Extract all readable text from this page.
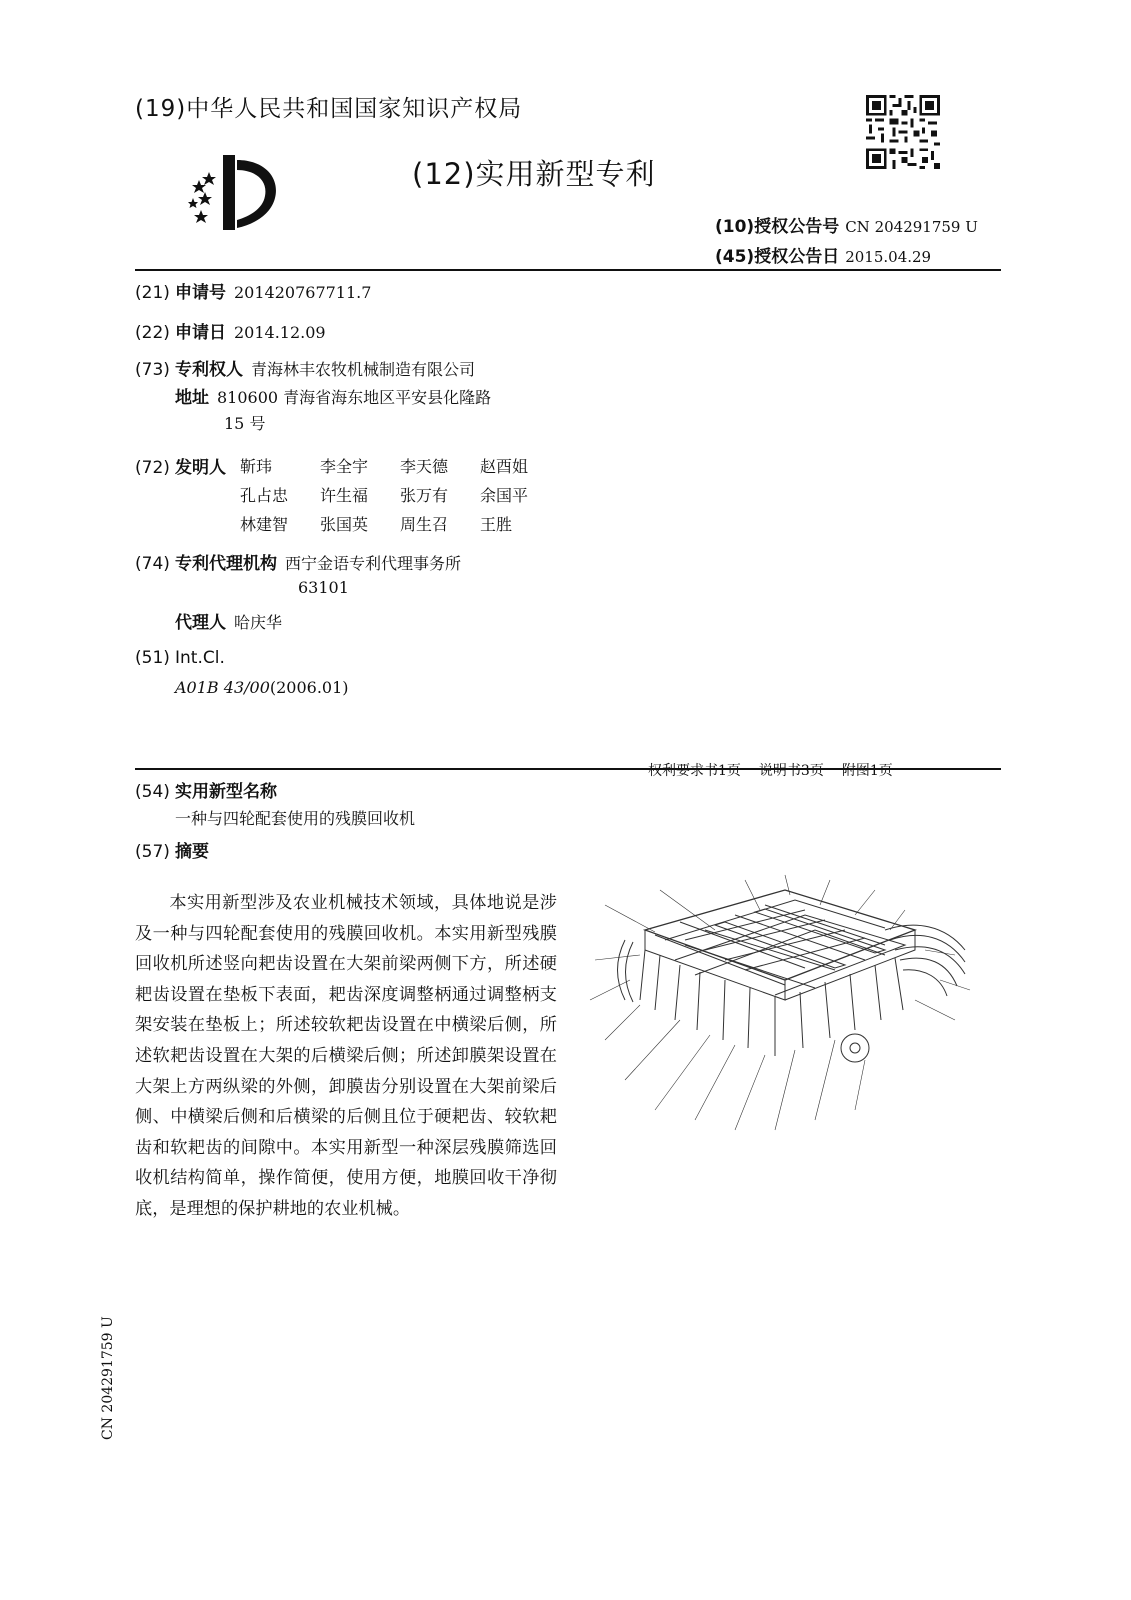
(19)中华人民共和国国家知识产权局
(12)实用新型专利
(10)授权公告号 CN 204291759 U
(45)授权公告日 2015.04.29
(21) 申请号 201420767711.7
(22) 申请日 2014.12.09
(73) 专利权人 青海林丰农牧机械制造有限公司
地址 810600 青海省海东地区平安县化隆路
15 号
(72) 发明人 靳玮	李全宇 李天德 赵酉姐
孔占忠 许生福 张万有 余国平
林建智 张国英 周生召 王胜
(74) 专利代理机构 西宁金语专利代理事务所
63101
代理人 哈庆华
(51) Int.Cl.
A01B 43/00(2006.01)
权利要求书1页 说明书3页 附图1页
(54) 实用新型名称
一种与四轮配套使用的残膜回收机
(57) 摘要
本实用新型涉及农业机械技术领域，具体地说是涉及一种与四轮配套使用的残膜回收机。本实用新型残膜回收机所述竖向耙齿设置在大架前梁两侧下方，所述硬耙齿设置在垫板下表面，耙齿深度调整柄通过调整柄支架安装在垫板上；所述较软耙齿设置在中横梁后侧，所述软耙齿设置在大架的后横梁后侧；所述卸膜架设置在大架上方两纵梁的外侧，卸膜齿分别设置在大架前梁后侧、中横梁后侧和后横梁的后侧且位于硬耙齿、较软耙齿和软耙齿的间隙中。本实用新型一种深层残膜筛选回收机结构简单，操作简便，使用方便，地膜回收干净彻底，是理想的保护耕地的农业机械。
CN 204291759 U
